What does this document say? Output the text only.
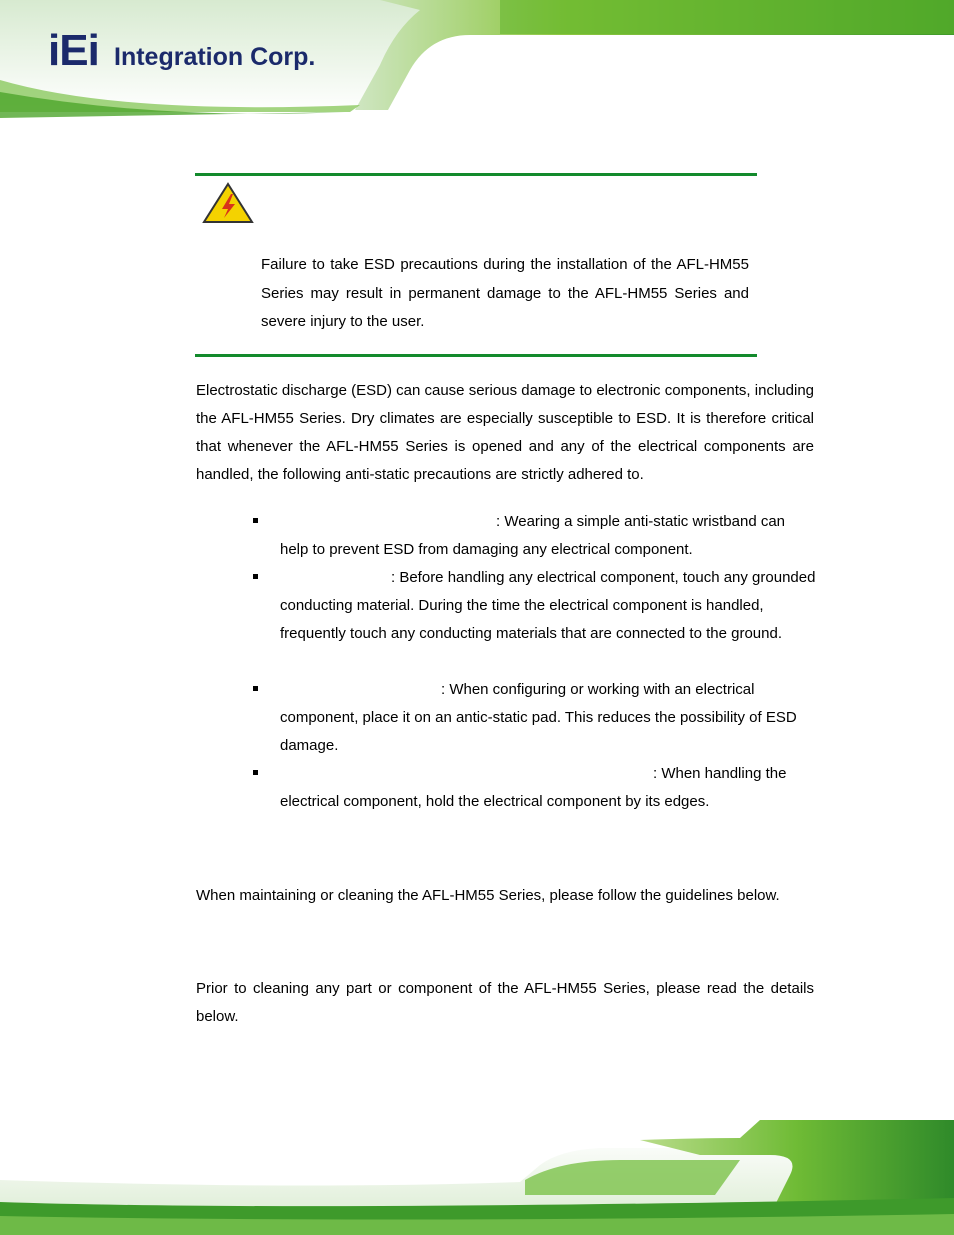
iEi Integration Corp.
Failure to take ESD precautions during the installation of the AFL-HM55 Series may result in permanent damage to the AFL-HM55 Series and severe injury to the user.
Electrostatic discharge (ESD) can cause serious damage to electronic components, including the AFL-HM55 Series. Dry climates are especially susceptible to ESD. It is therefore critical that whenever the AFL-HM55 Series is opened and any of the electrical components are handled, the following anti-static precautions are strictly adhered to.
: Wearing a simple anti-static wristband can help to prevent ESD from damaging any electrical component.
: Before handling any electrical component, touch any grounded conducting material. During the time the electrical component is handled, frequently touch any conducting materials that are connected to the ground.
: When configuring or working with an electrical component, place it on an antic-static pad. This reduces the possibility of ESD damage.
: When handling the electrical component, hold the electrical component by its edges.
When maintaining or cleaning the AFL-HM55 Series, please follow the guidelines below.
Prior to cleaning any part or component of the AFL-HM55 Series, please read the details below.
